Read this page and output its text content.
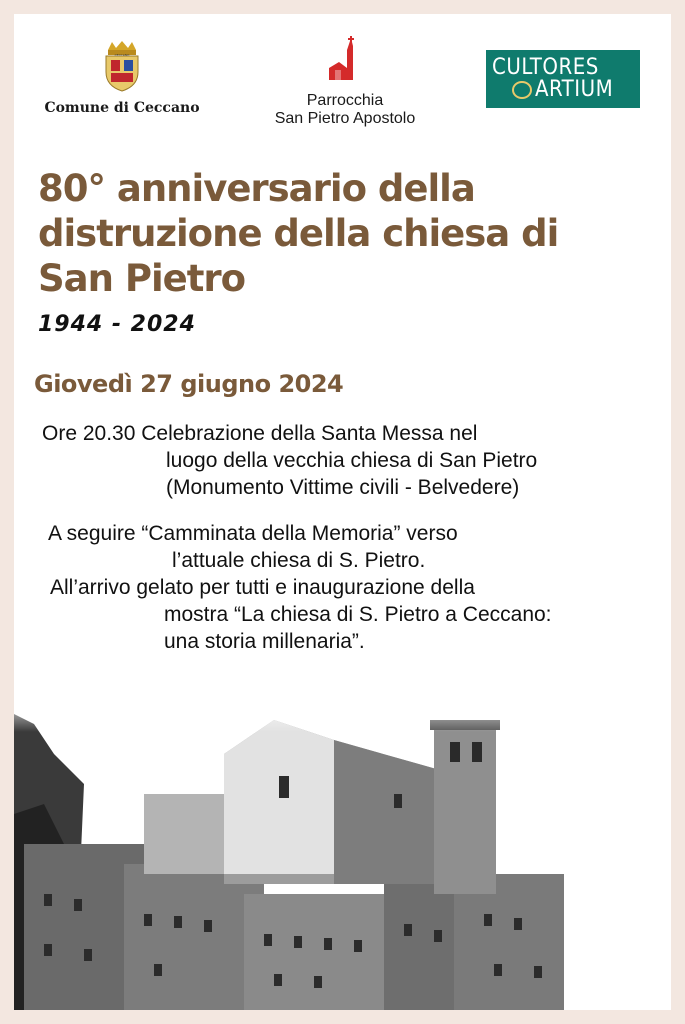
CECCANO
Comune di Ceccano	Parrocchia
San Pietro Apostolo
CULTORES
ARTIUM
80° anniversario della
distruzione della chiesa di
San Pietro
1944 - 2024
Giovedì 27 giugno 2024
Ore 20.30 Celebrazione della Santa Messa nel
luogo della vecchia chiesa di San Pietro
(Monumento Vittime civili - Belvedere)
A seguire “Camminata della Memoria” verso
l’attuale chiesa di S. Pietro.
All’arrivo gelato per tutti e inaugurazione della
mostra “La chiesa di S. Pietro a Ceccano:
una storia millenaria”.
